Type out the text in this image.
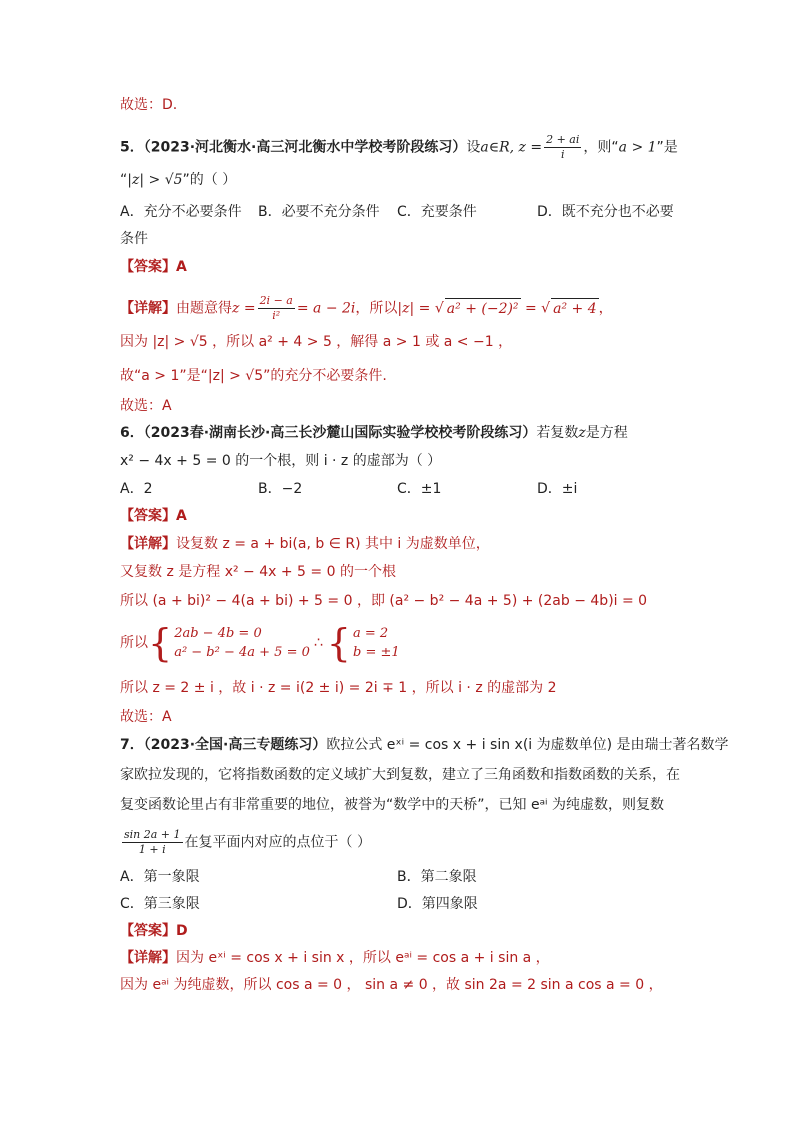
故选：D.
5．（2023·河北衡水·高三河北衡水中学校考阶段练习）设a∈R, $z = \frac{2 + ai}{i}$ ，则“a > 1”是
“|z| > √5”的（ ）
A．充分不必要条件 B．必要不充分条件 C．充要条件	D．既不充分也不必要
条件
【答案】A
【详解】由题意得$z = \frac{2i - a}{\text{i²}} = a - 2i$，所以|z| = √ a² + (−2)² = √ a² + 4 ，
因为 |z| > √5 ，所以 a² + 4 > 5 ，解得 a > 1 或 a < −1 ，
故“a > 1”是“|z| > √5”的充分不必要条件.
故选：A
6．（2023春·湖南长沙·高三长沙麓山国际实验学校校考阶段练习）若复数z是方程
x² − 4x + 5 = 0 的一个根，则 i · z 的虚部为（ ）
A．2	B．−2	C．±1	D．±i
【答案】A
【详解】设复数 z = a + bi(a, b ∈ R) 其中 i 为虚数单位，
又复数 z 是方程 x² − 4x + 5 = 0 的一个根
所以 (a + bi)² − 4(a + bi) + 5 = 0 ，即 (a² − b² − 4a + 5) + (2ab − 4b)i = 0
所以 { 2ab − 4b = 0
a² − b² − 4a + 5 = 0
∴ { a = 2
b = ±1
所以 z = 2 ± i ，故 i · z = i(2 ± i) = 2i ∓ 1 ，所以 i · z 的虚部为 2
故选：A
7．（2023·全国·高三专题练习）欧拉公式 eˣⁱ = cos x + i sin x(i 为虚数单位) 是由瑞士著名数学
家欧拉发现的，它将指数函数的定义域扩大到复数，建立了三角函数和指数函数的关系，在
复变函数论里占有非常重要的地位，被誉为“数学中的天桥”，已知 eᵃⁱ 为纯虚数，则复数
$\frac{\sin 2a + 1}{1 + i}$ 在复平面内对应的点位于（ ）
A．第一象限	B．第二象限
C．第三象限	D．第四象限
【答案】D
【详解】因为 eˣⁱ = cos x + i sin x ，所以 eᵃⁱ = cos a + i sin a ，
因为 eᵃⁱ 为纯虚数，所以 cos a = 0 ， sin a ≠ 0 ，故 sin 2a = 2 sin a cos a = 0 ，
